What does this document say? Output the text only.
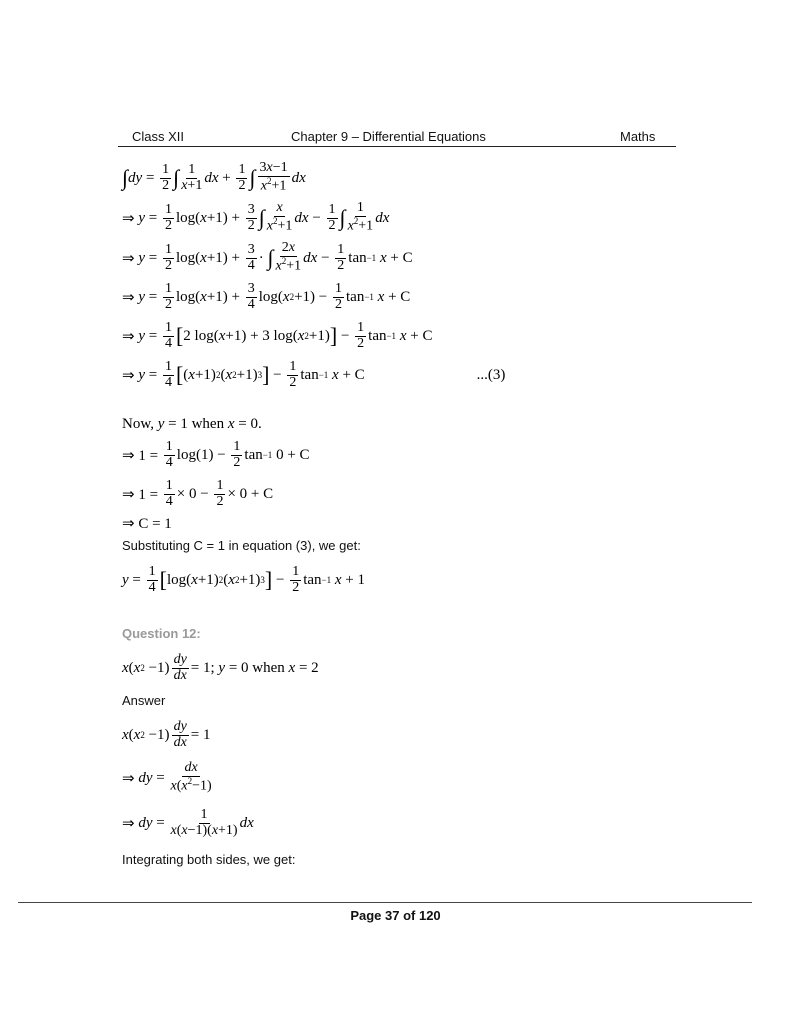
Class XII	Chapter 9 – Differential Equations	Maths
∫ dy =
1
2 ∫ 1
x+1 dx +
1
2 ∫ 3x−1
$x^2+1$
dx
⇒ y =
1
2 log( x +1) +
3
2 ∫ x
$x^2+1$
dx −
1
2 ∫ 1
$x^2+1$
dx
⇒ y =
1
2 log( x +1) +
3
4 · ∫ 2x
$x^2+1$
dx −
1
2 tan −1
x + C
⇒ y =
1
2 log( x +1) +
3
4 log( x 2 +1) −
1
2 tan −1
x + C
⇒ y =
1
4 [ 2 log( x +1) + 3 log( x 2 +1) ] −
1
2 tan −1
x + C
⇒ y =
1
4 [ ( x +1) 2 ( x 2 +1) 3 ] −
1
2 tan −1
x + C	...(3)
Now, y = 1 when x = 0.
⇒ 1 =
1
4 log(1) −
1
2 tan −1 0 + C
⇒ 1 =
1
4 × 0 −
1
2 × 0 + C
⇒ C = 1
Substituting C = 1 in equation (3), we get:
y =
1
4 [ log( x +1) 2 ( x 2 +1) 3 ] −
1
2 tan −1
x + 1
Question 12:
x ( x 2 −1)
dy
dx = 1; y = 0 when x = 2
Answer
x ( x 2 −1)
dy
dx = 1
⇒ dy =
dx
$x(x^2-1)$
⇒ dy =
1
x(x−1)(x+1) dx
Integrating both sides, we get:
Page 37 of 120
